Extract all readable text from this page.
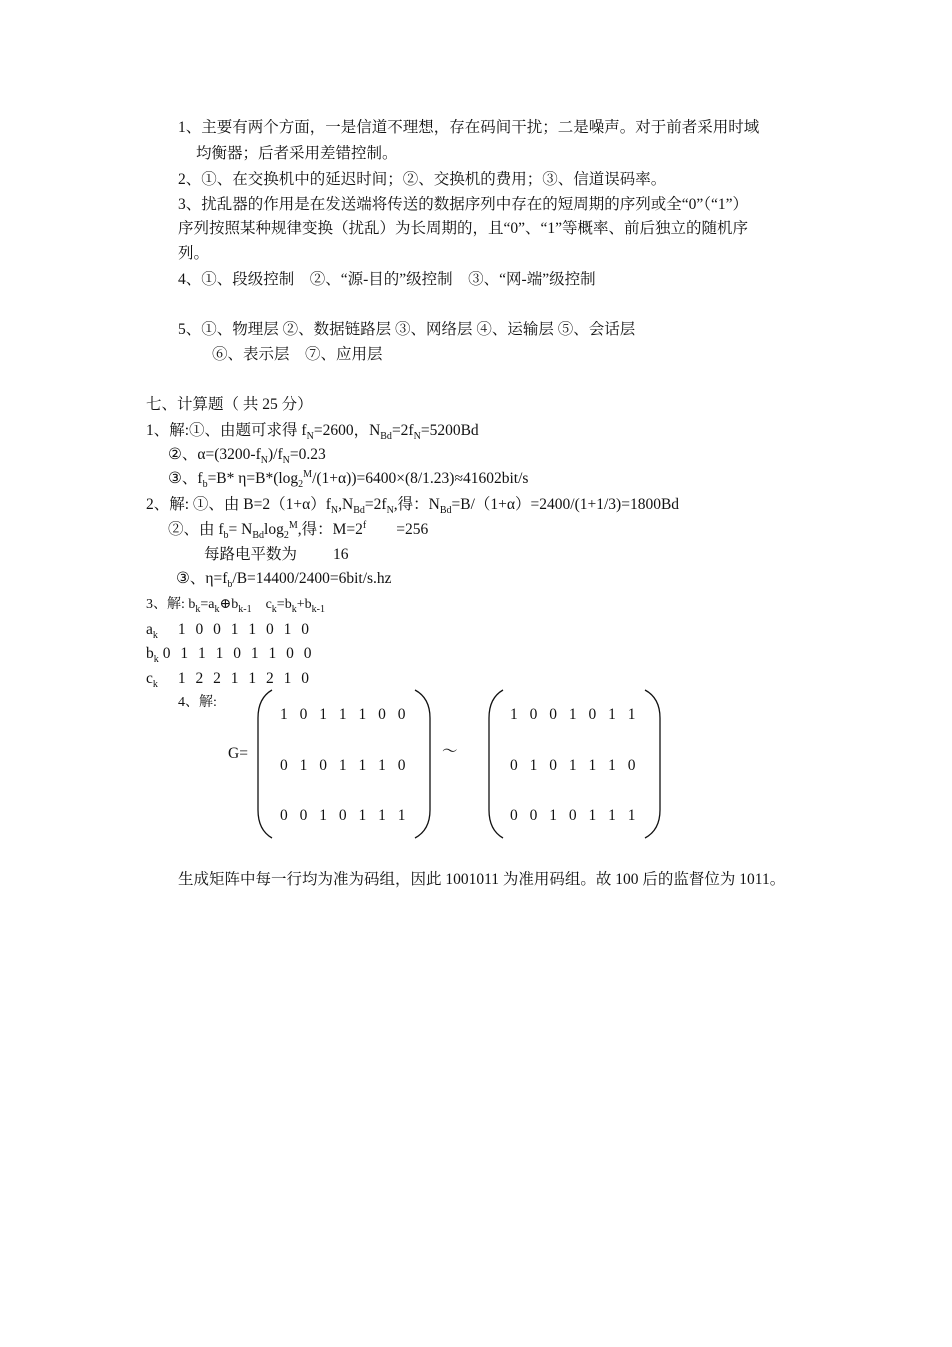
1、主要有两个方面，一是信道不理想，存在码间干扰；二是噪声。对于前者采用时域
均衡器；后者采用差错控制。
2、①、在交换机中的延迟时间；②、交换机的费用；③、信道误码率。
3、扰乱器的作用是在发送端将传送的数据序列中存在的短周期的序列或全“0”（“1”）
序列按照某种规律变换（扰乱）为长周期的，且“0”、“1”等概率、前后独立的随机序
列。
4、①、段级控制　②、“源-目的”级控制　③、“网-端”级控制
5、①、物理层 ②、数据链路层 ③、网络层 ④、运输层 ⑤、会话层
⑥、表示层　⑦、应用层
七、计算题（ 共 25 分）
1、解:①、由题可求得 $f_N=2600$，$N_{Bd}=2f_N=5200Bd$
②、$\alpha=(3200-f_N)/f_N=0.23$
③、$f_b=B*$ $\eta=B*(\log_2^M/(1+\alpha))=6400\times(8/1.23)\approx 41602bit/s$
2、解: ①、由 $B=2(1+\alpha)f_N,N_{Bd}=2f_N$,得：$N_{Bd}=B/(1+\alpha)=2400/(1+1/3)=1800Bd$
②、由 $f_b= N_{Bd}\log_2^M$,得：$M=2^f =256$
每路电平数为 16
③、$\eta=f_b/B=14400/2400=6bit/s.hz$
3、解: $b_k=a_k\oplus b_{k-1}$ $c_k=b_k+b_{k-1}$
$a_k$ 1 0 0 1 1 0 1 0
$b_k$ 0 1 1 1 0 1 1 0 0
$c_k$ 1 2 2 1 1 2 1 0
4、解:
G=
1 0 1 1 1 0 0
0 1 0 1 1 1 0
0 0 1 0 1 1 1
～
1 0 0 1 0 1 1
0 1 0 1 1 1 0
0 0 1 0 1 1 1
生成矩阵中每一行均为准为码组，因此 1001011 为准用码组。故 100 后的监督位为 1011。
